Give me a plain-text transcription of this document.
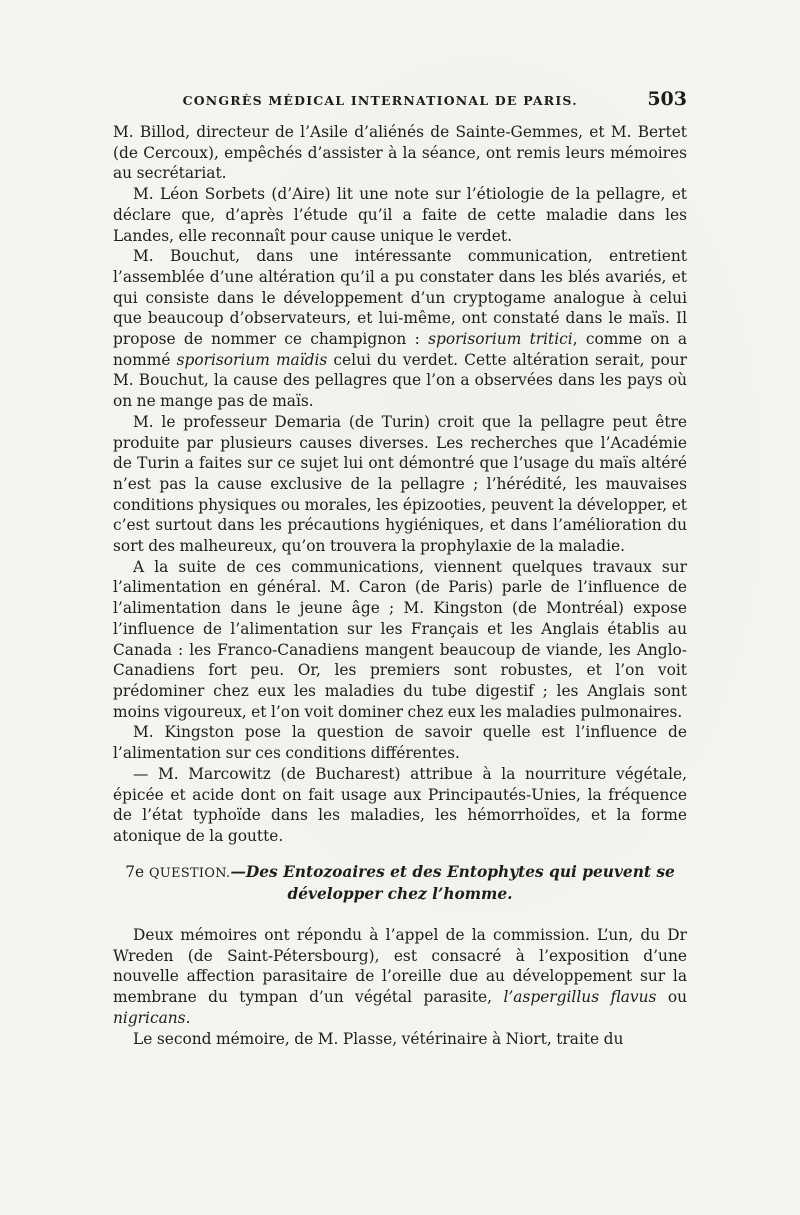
CONGRÈS MÉDICAL INTERNATIONAL DE PARIS.	503

M. Billod, directeur de l’Asile d’aliénés de Sainte-Gemmes, et M. Bertet (de Cercoux), empêchés d’assister à la séance, ont remis leurs mémoires au secrétariat.

M. Léon Sorbets (d’Aire) lit une note sur l’étiologie de la pellagre, et déclare que, d’après l’étude qu’il a faite de cette maladie dans les Landes, elle reconnaît pour cause unique le verdet.

M. Bouchut, dans une intéressante communication, entretient l’assemblée d’une altération qu’il a pu constater dans les blés avariés, et qui consiste dans le développement d’un cryptogame analogue à celui que beaucoup d’observateurs, et lui-même, ont constaté dans le maïs. Il propose de nommer ce champignon : sporisorium tritici, comme on a nommé sporisorium maïdis celui du verdet. Cette altération serait, pour M. Bouchut, la cause des pellagres que l’on a observées dans les pays où on ne mange pas de maïs.

M. le professeur Demaria (de Turin) croit que la pellagre peut être produite par plusieurs causes diverses. Les recherches que l’Académie de Turin a faites sur ce sujet lui ont démontré que l’usage du maïs altéré n’est pas la cause exclusive de la pellagre ; l’hérédité, les mauvaises conditions physiques ou morales, les épizooties, peuvent la développer, et c’est surtout dans les précautions hygiéniques, et dans l’amélioration du sort des malheureux, qu’on trouvera la prophylaxie de la maladie.

A la suite de ces communications, viennent quelques travaux sur l’alimentation en général. M. Caron (de Paris) parle de l’influence de l’alimentation dans le jeune âge ; M. Kingston (de Montréal) expose l’influence de l’alimentation sur les Français et les Anglais établis au Canada : les Franco-Canadiens mangent beaucoup de viande, les Anglo-Canadiens fort peu. Or, les premiers sont robustes, et l’on voit prédominer chez eux les maladies du tube digestif ; les Anglais sont moins vigoureux, et l’on voit dominer chez eux les maladies pulmonaires.

M. Kingston pose la question de savoir quelle est l’influence de l’alimentation sur ces conditions différentes.

— M. Marcowitz (de Bucharest) attribue à la nourriture végétale, épicée et acide dont on fait usage aux Principautés-Unies, la fréquence de l’état typhoïde dans les maladies, les hémorrhoïdes, et la forme atonique de la goutte.

7e QUESTION.—Des Entozoaires et des Entophytes qui peuvent se développer chez l’homme.

Deux mémoires ont répondu à l’appel de la commission. L’un, du Dr Wreden (de Saint-Pétersbourg), est consacré à l’exposition d’une nouvelle affection parasitaire de l’oreille due au développement sur la membrane du tympan d’un végétal parasite, l’aspergillus flavus ou nigricans.

Le second mémoire, de M. Plasse, vétérinaire à Niort, traite du
